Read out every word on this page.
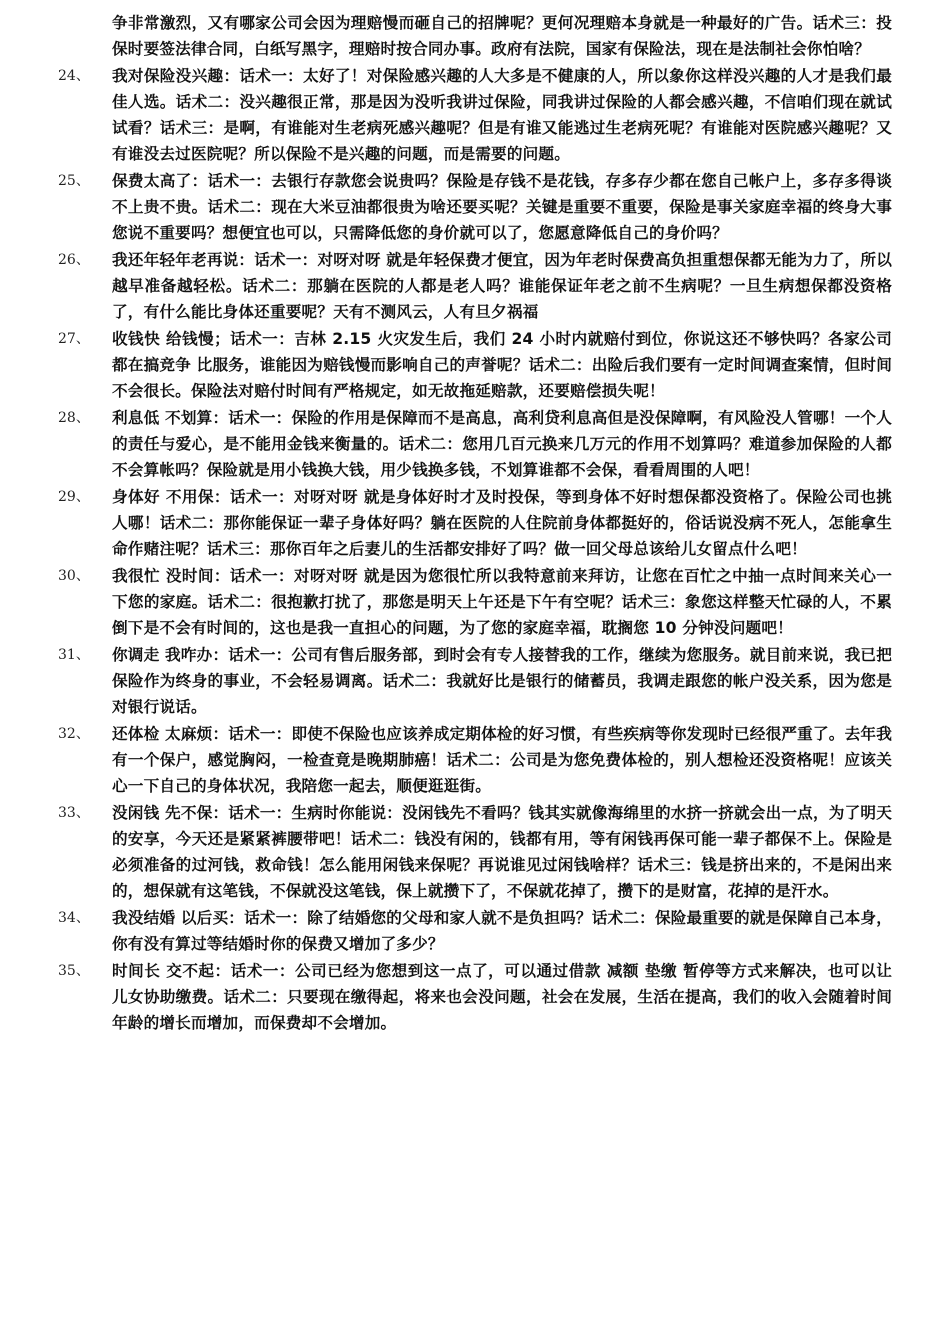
争非常激烈，又有哪家公司会因为理赔慢而砸自己的招牌呢？更何况理赔本身就是一种最好的广告。话术三：投保时要签法律合同，白纸写黑字，理赔时按合同办事。政府有法院，国家有保险法，现在是法制社会你怕啥？
24、	我对保险没兴趣：话术一：太好了！对保险感兴趣的人大多是不健康的人，所以象你这样没兴趣的人才是我们最佳人选。话术二：没兴趣很正常，那是因为没听我讲过保险，同我讲过保险的人都会感兴趣，不信咱们现在就试试看？话术三：是啊，有谁能对生老病死感兴趣呢？但是有谁又能逃过生老病死呢？有谁能对医院感兴趣呢？又有谁没去过医院呢？所以保险不是兴趣的问题，而是需要的问题。
25、	保费太高了：话术一：去银行存款您会说贵吗？保险是存钱不是花钱，存多存少都在您自己帐户上，多存多得谈不上贵不贵。话术二：现在大米豆油都很贵为啥还要买呢？关键是重要不重要，保险是事关家庭幸福的终身大事您说不重要吗？想便宜也可以，只需降低您的身价就可以了，您愿意降低自己的身价吗？
26、	我还年轻年老再说：话术一：对呀对呀 就是年轻保费才便宜，因为年老时保费高负担重想保都无能为力了，所以越早准备越轻松。话术二：那躺在医院的人都是老人吗？谁能保证年老之前不生病呢？一旦生病想保都没资格了，有什么能比身体还重要呢？天有不测风云，人有旦夕祸福
27、	收钱快 给钱慢；话术一：吉林 2.15 火灾发生后，我们 24 小时内就赔付到位，你说这还不够快吗？各家公司都在搞竞争 比服务，谁能因为赔钱慢而影响自己的声誉呢？话术二：出险后我们要有一定时间调查案情，但时间不会很长。保险法对赔付时间有严格规定，如无故拖延赔款，还要赔偿损失呢！
28、	利息低 不划算：话术一：保险的作用是保障而不是高息，高利贷利息高但是没保障啊，有风险没人管哪！一个人的责任与爱心，是不能用金钱来衡量的。话术二：您用几百元换来几万元的作用不划算吗？难道参加保险的人都不会算帐吗？保险就是用小钱换大钱，用少钱换多钱，不划算谁都不会保，看看周围的人吧！
29、	身体好 不用保：话术一：对呀对呀 就是身体好时才及时投保，等到身体不好时想保都没资格了。保险公司也挑人哪！话术二：那你能保证一辈子身体好吗？躺在医院的人住院前身体都挺好的，俗话说没病不死人，怎能拿生命作赌注呢？话术三：那你百年之后妻儿的生活都安排好了吗？做一回父母总该给儿女留点什么吧！
30、	我很忙 没时间：话术一：对呀对呀 就是因为您很忙所以我特意前来拜访，让您在百忙之中抽一点时间来关心一下您的家庭。话术二：很抱歉打扰了，那您是明天上午还是下午有空呢？话术三：象您这样整天忙碌的人，不累倒下是不会有时间的，这也是我一直担心的问题，为了您的家庭幸福，耽搁您 10 分钟没问题吧！
31、	你调走 我咋办：话术一：公司有售后服务部，到时会有专人接替我的工作，继续为您服务。就目前来说，我已把保险作为终身的事业，不会轻易调离。话术二：我就好比是银行的储蓄员，我调走跟您的帐户没关系，因为您是对银行说话。
32、	还体检 太麻烦：话术一：即使不保险也应该养成定期体检的好习惯，有些疾病等你发现时已经很严重了。去年我有一个保户，感觉胸闷，一检查竟是晚期肺癌！话术二：公司是为您免费体检的，别人想检还没资格呢！应该关心一下自己的身体状况，我陪您一起去，顺便逛逛街。
33、	没闲钱 先不保：话术一：生病时你能说：没闲钱先不看吗？钱其实就像海绵里的水挤一挤就会出一点，为了明天的安享，今天还是紧紧裤腰带吧！话术二：钱没有闲的，钱都有用，等有闲钱再保可能一辈子都保不上。保险是必须准备的过河钱，救命钱！怎么能用闲钱来保呢？再说谁见过闲钱啥样？话术三：钱是挤出来的，不是闲出来的，想保就有这笔钱，不保就没这笔钱，保上就攒下了，不保就花掉了，攒下的是财富，花掉的是汗水。
34、	我没结婚 以后买：话术一：除了结婚您的父母和家人就不是负担吗？话术二：保险最重要的就是保障自己本身，你有没有算过等结婚时你的保费又增加了多少？
35、	时间长 交不起：话术一：公司已经为您想到这一点了，可以通过借款 减额 垫缴 暂停等方式来解决，也可以让儿女协助缴费。话术二：只要现在缴得起，将来也会没问题，社会在发展，生活在提高，我们的收入会随着时间 年龄的增长而增加，而保费却不会增加。
